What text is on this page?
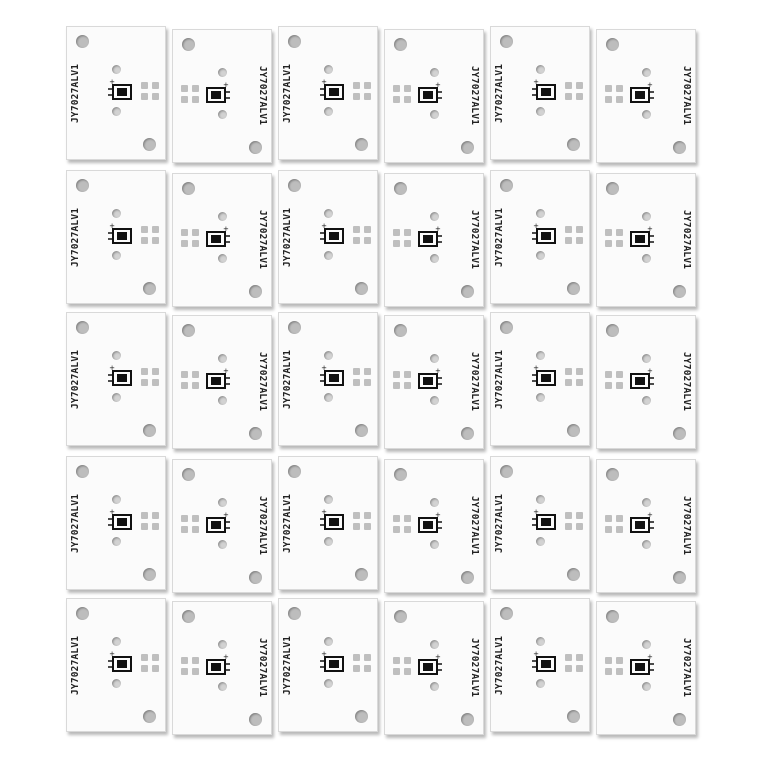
+
JY7027ALV1	+	JY7027ALV1	+
JY7027ALV1	+	JY7027ALV1	+
JY7027ALV1	+	JY7027ALV1
+
JY7027ALV1	+	JY7027ALV1	+
JY7027ALV1	+	JY7027ALV1	+
JY7027ALV1	+	JY7027ALV1
+
JY7027ALV1	+	JY7027ALV1	+
JY7027ALV1	+	JY7027ALV1	+
JY7027ALV1	+	JY7027ALV1
+
JY7027ALV1	+	JY7027ALV1	+
JY7027ALV1	+	JY7027ALV1	+
JY7027ALV1	+	JY7027ALV1
+
JY7027ALV1	+	JY7027ALV1	+
JY7027ALV1	+	JY7027ALV1	+
JY7027ALV1	+	JY7027ALV1
